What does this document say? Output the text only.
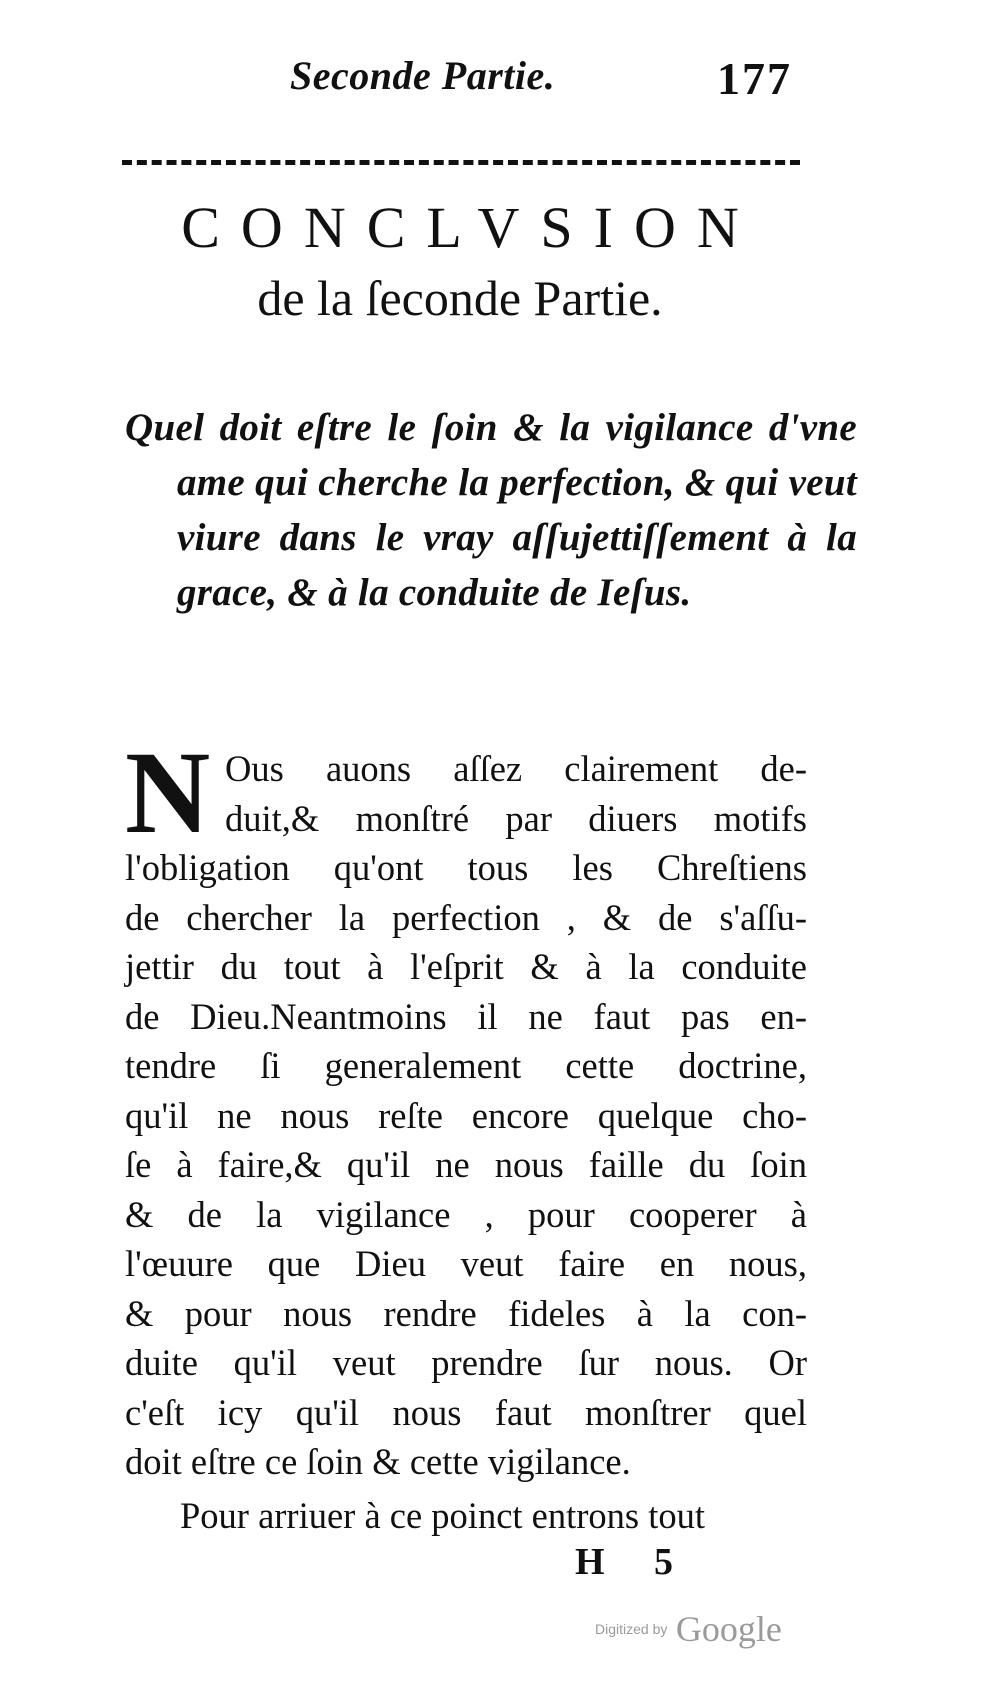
Seconde Partie.	177
CONCLVSION
de la ſeconde Partie.
Quel doit eſtre le ſoin & la vigilance d'vne ame qui cherche la perfection, & qui veut viure dans le vray aſſujettiſſement à la grace, & à la conduite de Ieſus.
N Ous auons aſſez clairement de-
duit,& monſtré par diuers motifs
l'obligation qu'ont tous les Chreſtiens
de chercher la perfection , & de s'aſſu-
jettir du tout à l'eſprit & à la conduite
de Dieu.Neantmoins il ne faut pas en-
tendre ſi generalement cette doctrine,
qu'il ne nous reſte encore quelque cho-
ſe à faire,& qu'il ne nous faille du ſoin
& de la vigilance , pour cooperer à
l'œuure que Dieu veut faire en nous,
& pour nous rendre fideles à la con-
duite qu'il veut prendre ſur nous. Or
c'eſt icy qu'il nous faut monſtrer quel
doit eſtre ce ſoin & cette vigilance.
Pour arriuer à ce poinct entrons tout
H 5
Digitized by Google
